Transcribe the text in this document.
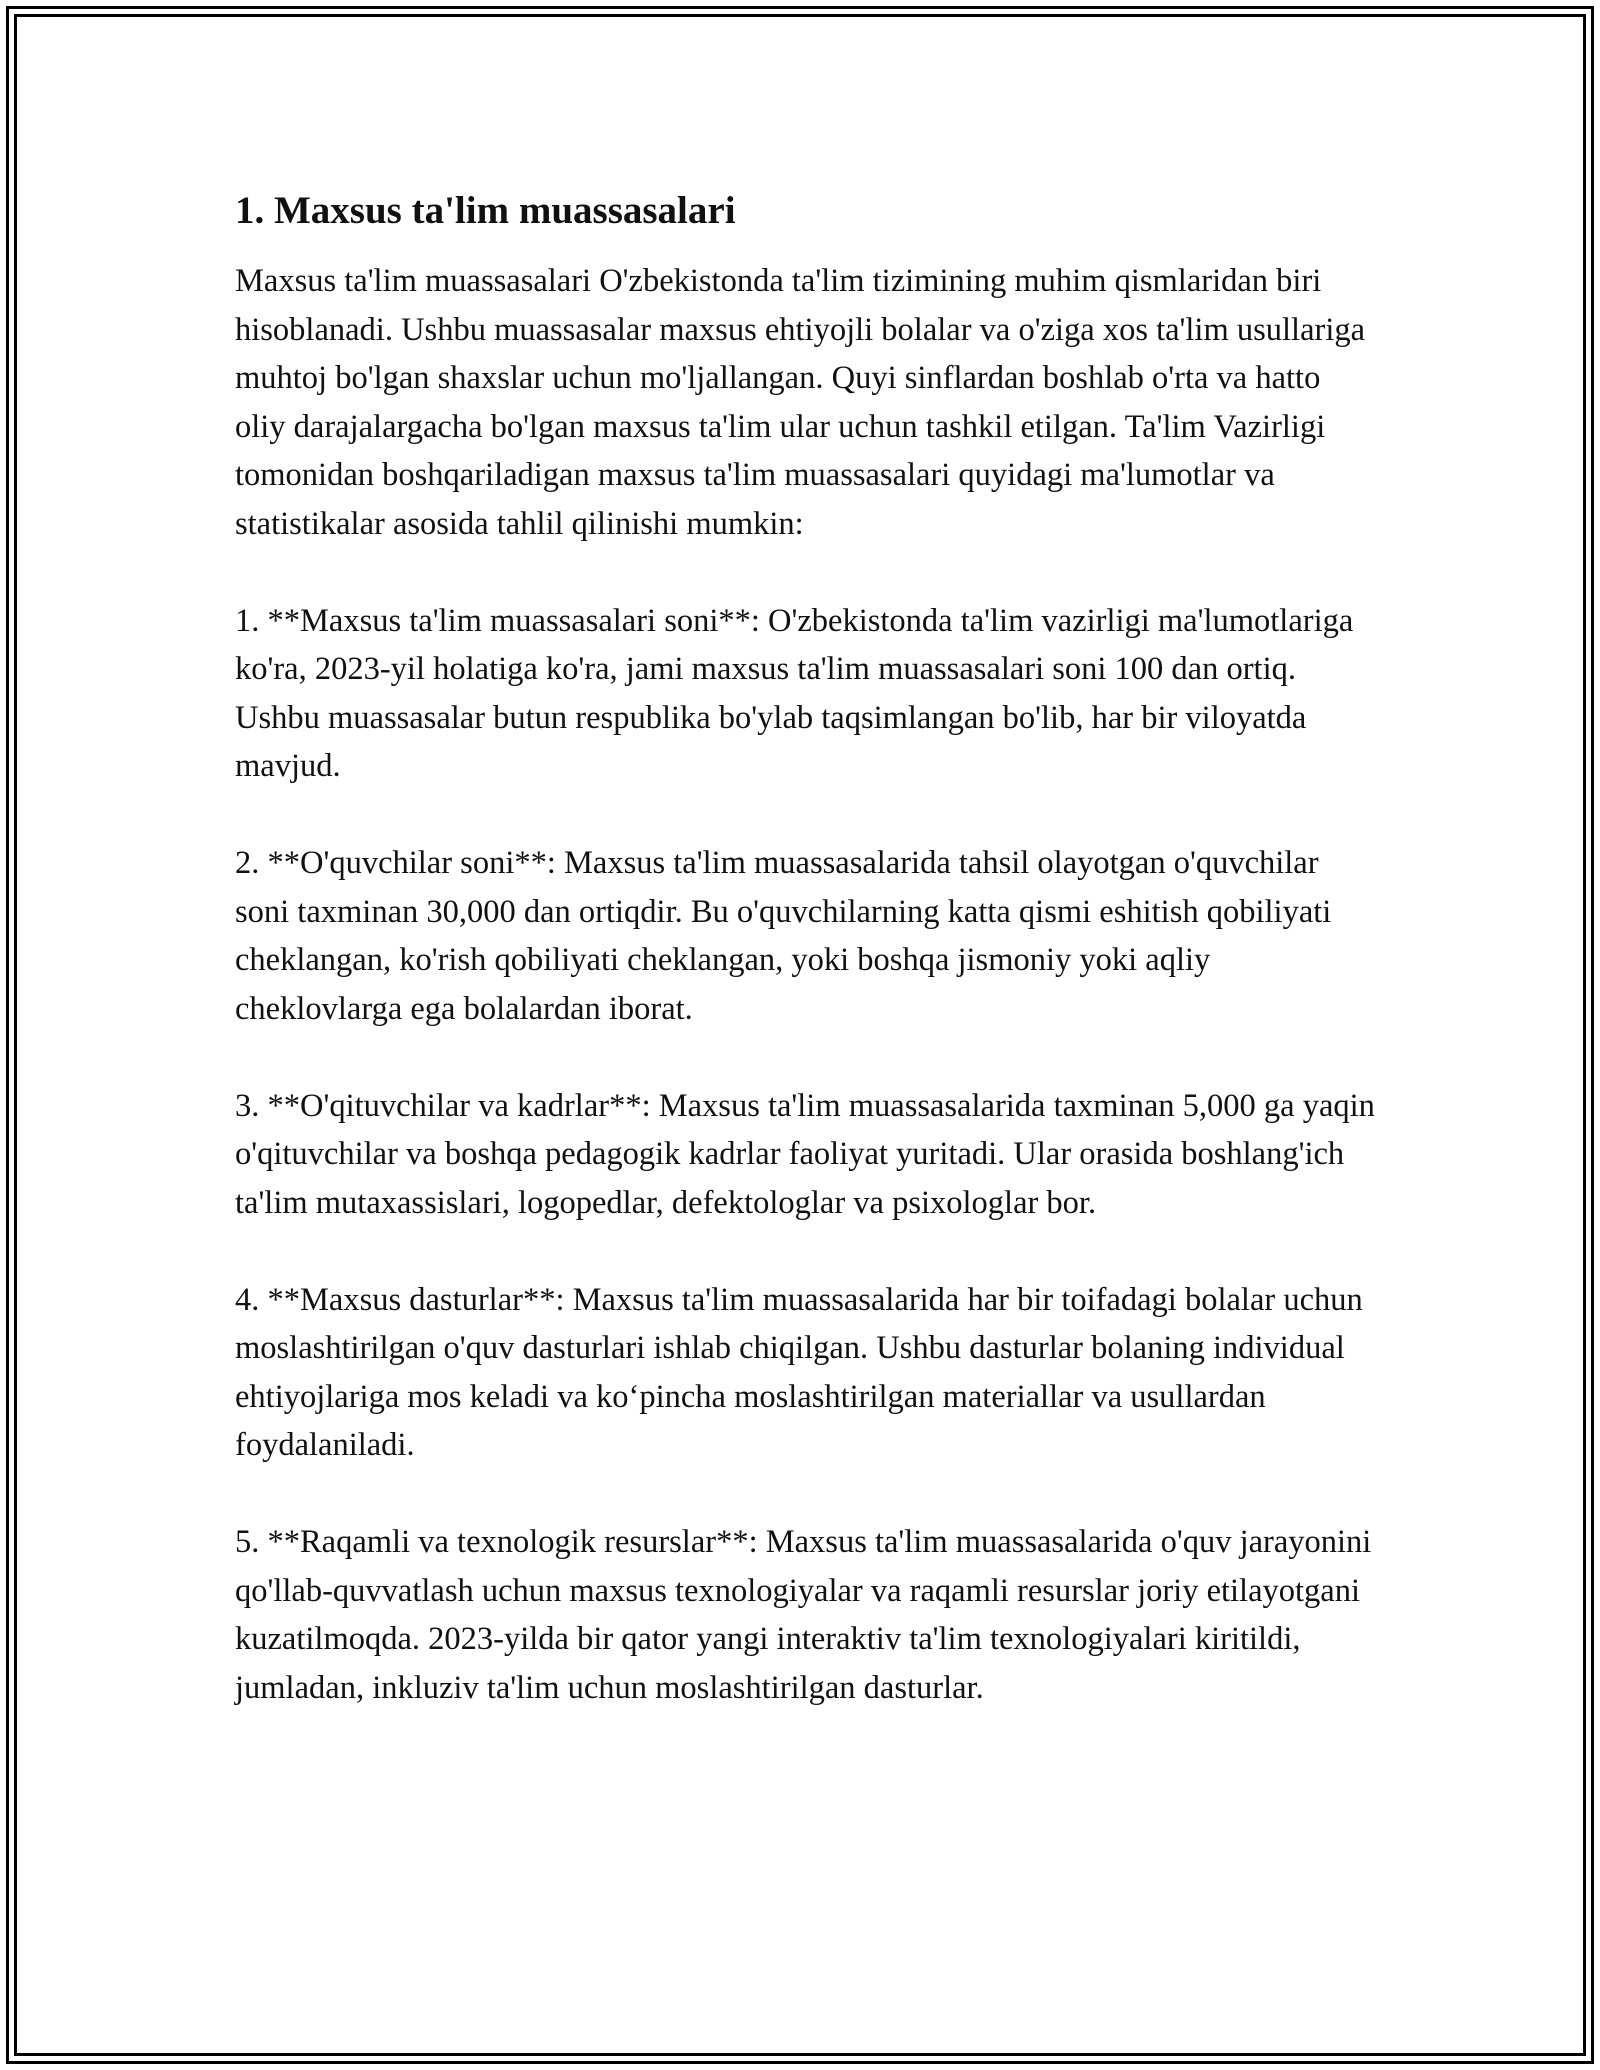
1. Maxsus ta'lim muassasalari

Maxsus ta'lim muassasalari O'zbekistonda ta'lim tizimining muhim qismlaridan biri hisoblanadi. Ushbu muassasalar maxsus ehtiyojli bolalar va o'ziga xos ta'lim usullariga muhtoj bo'lgan shaxslar uchun mo'ljallangan. Quyi sinflardan boshlab o'rta va hatto oliy darajalargacha bo'lgan maxsus ta'lim ular uchun tashkil etilgan. Ta'lim Vazirligi tomonidan boshqariladigan maxsus ta'lim muassasalari quyidagi ma'lumotlar va statistikalar asosida tahlil qilinishi mumkin:

1. **Maxsus ta'lim muassasalari soni**: O'zbekistonda ta'lim vazirligi ma'lumotlariga ko'ra, 2023-yil holatiga ko'ra, jami maxsus ta'lim muassasalari soni 100 dan ortiq. Ushbu muassasalar butun respublika bo'ylab taqsimlangan bo'lib, har bir viloyatda mavjud.

2. **O'quvchilar soni**: Maxsus ta'lim muassasalarida tahsil olayotgan o'quvchilar soni taxminan 30,000 dan ortiqdir. Bu o'quvchilarning katta qismi eshitish qobiliyati cheklangan, ko'rish qobiliyati cheklangan, yoki boshqa jismoniy yoki aqliy cheklovlarga ega bolalardan iborat.

3. **O'qituvchilar va kadrlar**: Maxsus ta'lim muassasalarida taxminan 5,000 ga yaqin o'qituvchilar va boshqa pedagogik kadrlar faoliyat yuritadi. Ular orasida boshlang'ich ta'lim mutaxassislari, logopedlar, defektologlar va psixologlar bor.

4. **Maxsus dasturlar**: Maxsus ta'lim muassasalarida har bir toifadagi bolalar uchun moslashtirilgan o'quv dasturlari ishlab chiqilgan. Ushbu dasturlar bolaning individual ehtiyojlariga mos keladi va ko‘pincha moslashtirilgan materiallar va usullardan foydalaniladi.

5. **Raqamli va texnologik resurslar**: Maxsus ta'lim muassasalarida o'quv jarayonini qo'llab-quvvatlash uchun maxsus texnologiyalar va raqamli resurslar joriy etilayotgani kuzatilmoqda. 2023-yilda bir qator yangi interaktiv ta'lim texnologiyalari kiritildi, jumladan, inkluziv ta'lim uchun moslashtirilgan dasturlar.
